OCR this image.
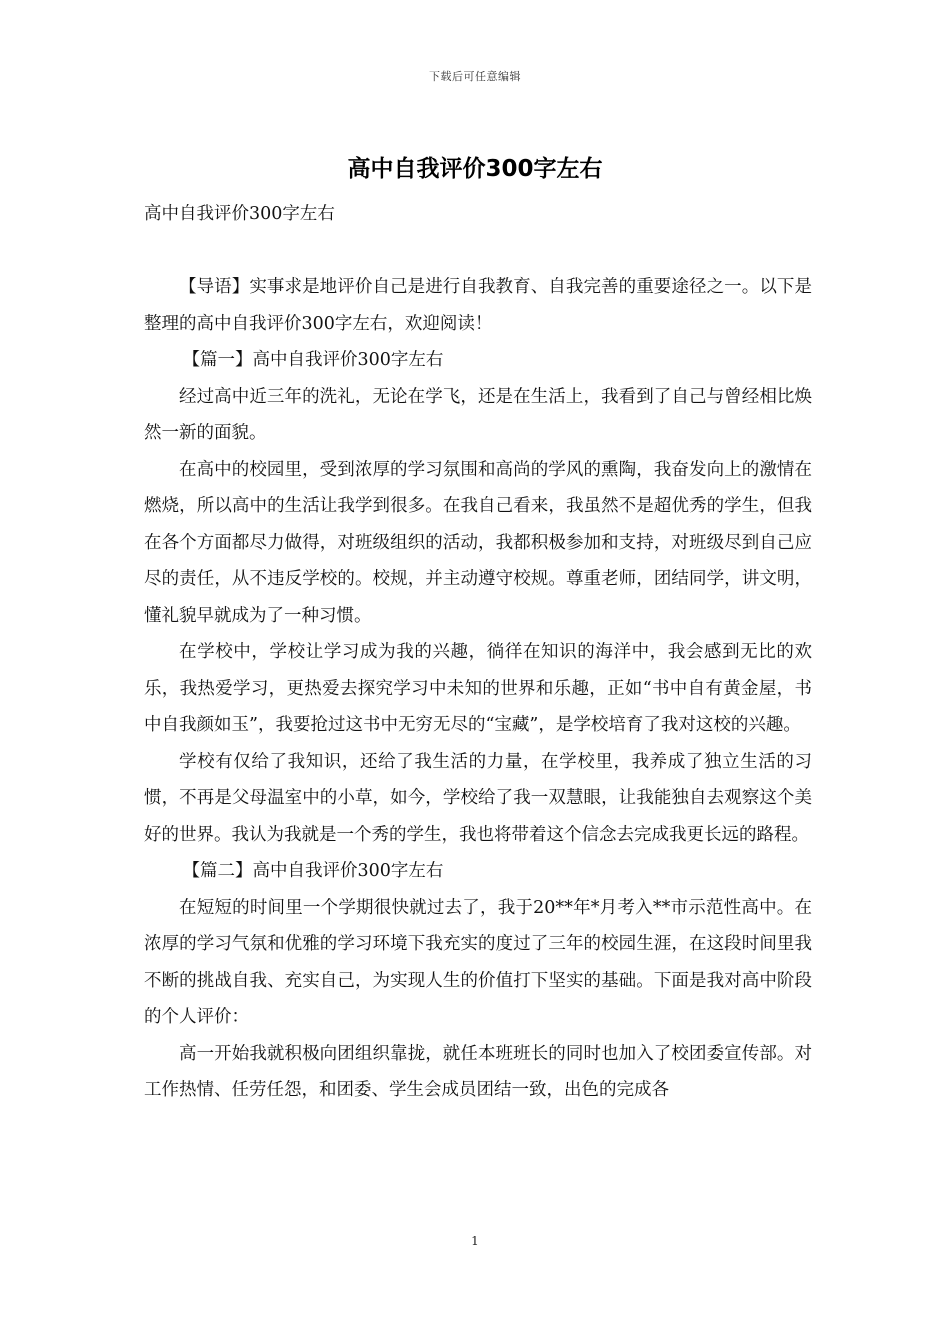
下载后可任意编辑
高中自我评价300字左右

高中自我评价300字左右

【导语】实事求是地评价自己是进行自我教育、自我完善的重要途径之一。以下是整理的高中自我评价300字左右，欢迎阅读！

【篇一】高中自我评价300字左右

经过高中近三年的洗礼，无论在学飞，还是在生活上，我看到了自己与曾经相比焕然一新的面貌。

在高中的校园里，受到浓厚的学习氛围和高尚的学风的熏陶，我奋发向上的激情在燃烧，所以高中的生活让我学到很多。在我自己看来，我虽然不是超优秀的学生，但我在各个方面都尽力做得，对班级组织的活动，我都积极参加和支持，对班级尽到自己应尽的责任，从不违反学校的。校规，并主动遵守校规。尊重老师，团结同学，讲文明，懂礼貌早就成为了一种习惯。

在学校中，学校让学习成为我的兴趣，徜徉在知识的海洋中，我会感到无比的欢乐，我热爱学习，更热爱去探究学习中未知的世界和乐趣，正如“书中自有黄金屋，书中自我颜如玉”，我要抢过这书中无穷无尽的“宝藏”，是学校培育了我对这校的兴趣。

学校有仅给了我知识，还给了我生活的力量，在学校里，我养成了独立生活的习惯，不再是父母温室中的小草，如今，学校给了我一双慧眼，让我能独自去观察这个美好的世界。我认为我就是一个秀的学生，我也将带着这个信念去完成我更长远的路程。

【篇二】高中自我评价300字左右

在短短的时间里一个学期很快就过去了，我于20**年*月考入**市示范性高中。在浓厚的学习气氛和优雅的学习环境下我充实的度过了三年的校园生涯，在这段时间里我不断的挑战自我、充实自己，为实现人生的价值打下坚实的基础。下面是我对高中阶段的个人评价：

高一开始我就积极向团组织靠拢，就任本班班长的同时也加入了校团委宣传部。对工作热情、任劳任怨，和团委、学生会成员团结一致，出色的完成各

1
